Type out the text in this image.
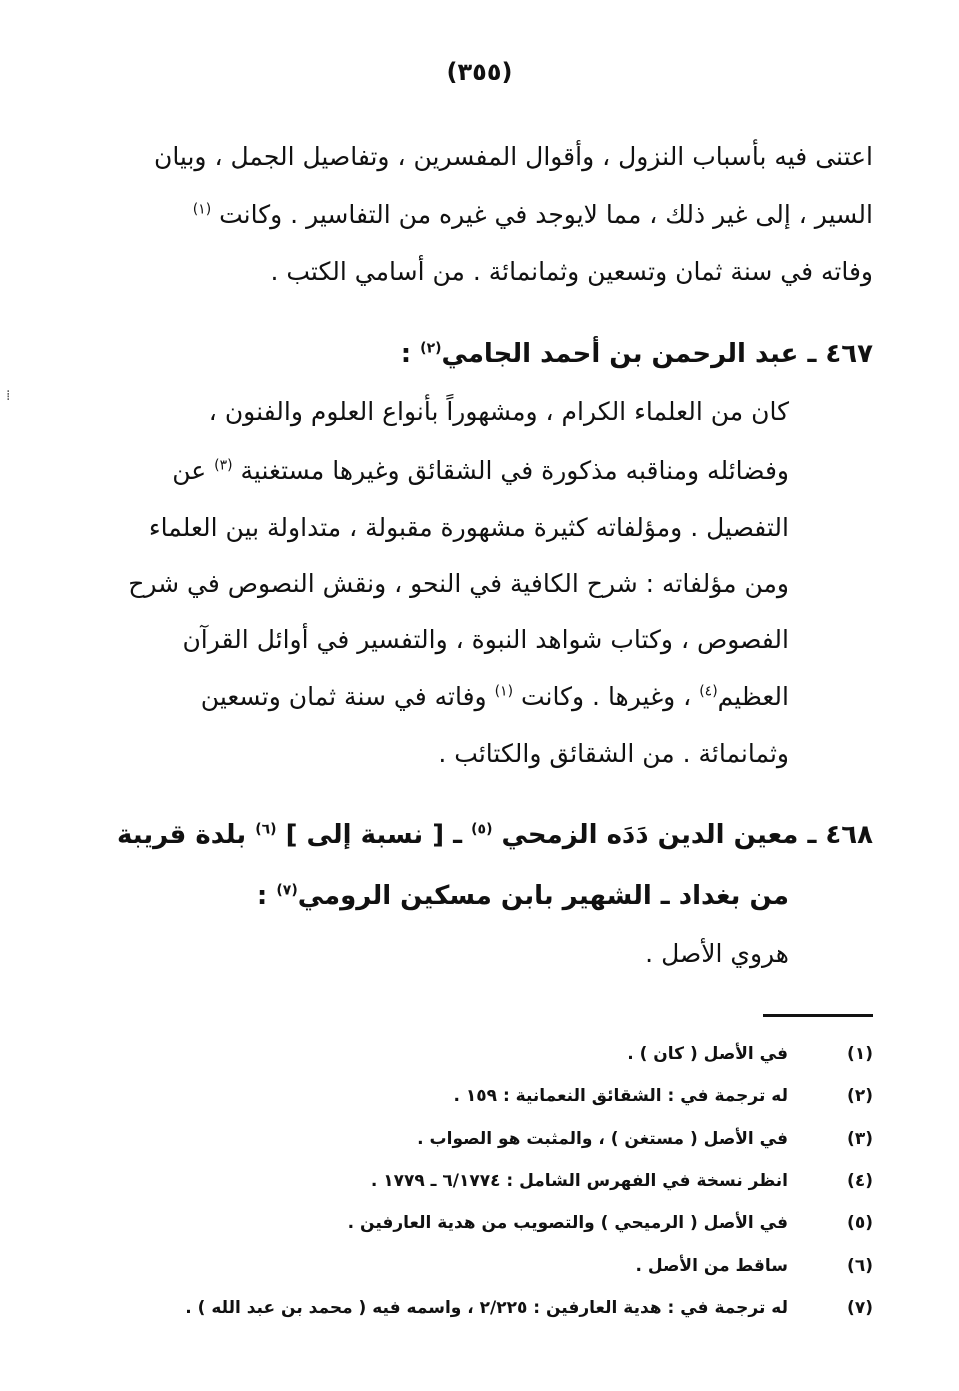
(٣٥٥)
اعتنى فيه بأسباب النزول ، وأقوال المفسرين ، وتفاصيل الجمل ، وبيان
السير ، إلى غير ذلك ، مما لايوجد في غيره من التفاسير . وكانت $^{(١)}$
وفاته في سنة ثمان وتسعين وثمانمائة . من أسامي الكتب .
٤٦٧ ـ عبد الرحمن بن أحمد الجامي$^{(٢)}$ :
كان من العلماء الكرام ، ومشهوراً بأنواع العلوم والفنون ،
وفضائله ومناقبه مذكورة في الشقائق وغيرها مستغنية $^{(٣)}$ عن
التفصيل . ومؤلفاته كثيرة مشهورة مقبولة ، متداولة بين العلماء
ومن مؤلفاته : شرح الكافية في النحو ، ونقش النصوص في شرح
الفصوص ، وكتاب شواهد النبوة ، والتفسير في أوائل القرآن
العظيم$^{(٤)}$ ، وغيرها . وكانت $^{(١)}$ وفاته في سنة ثمان وتسعين
وثمانمائة . من الشقائق والكتائب .
٤٦٨ ـ معين الدين دَدَه الزمحي $^{(٥)}$ ـ [ نسبة إلى ] $^{(٦)}$ بلدة قريبة
من بغداد ـ الشهير بابن مسكين الرومي$^{(٧)}$ :
هروي الأصل .
(١)
في الأصل ( كان ) .
(٢)
له ترجمة في : الشقائق النعمانية : ١٥٩ .
(٣)
في الأصل ( مستغن ) ، والمثبت هو الصواب .
(٤)
انظر نسخة في الفهرس الشامل : ٦/١٧٧٤ ـ ١٧٧٩ .
(٥)
في الأصل ( الرميحي ) والتصويب من هدية العارفين .
(٦)
ساقط من الأصل .
(٧)
له ترجمة في : هدية العارفين : ٢/٢٢٥ ، واسمه فيه ( محمد بن عبد الله ) .
⁞
